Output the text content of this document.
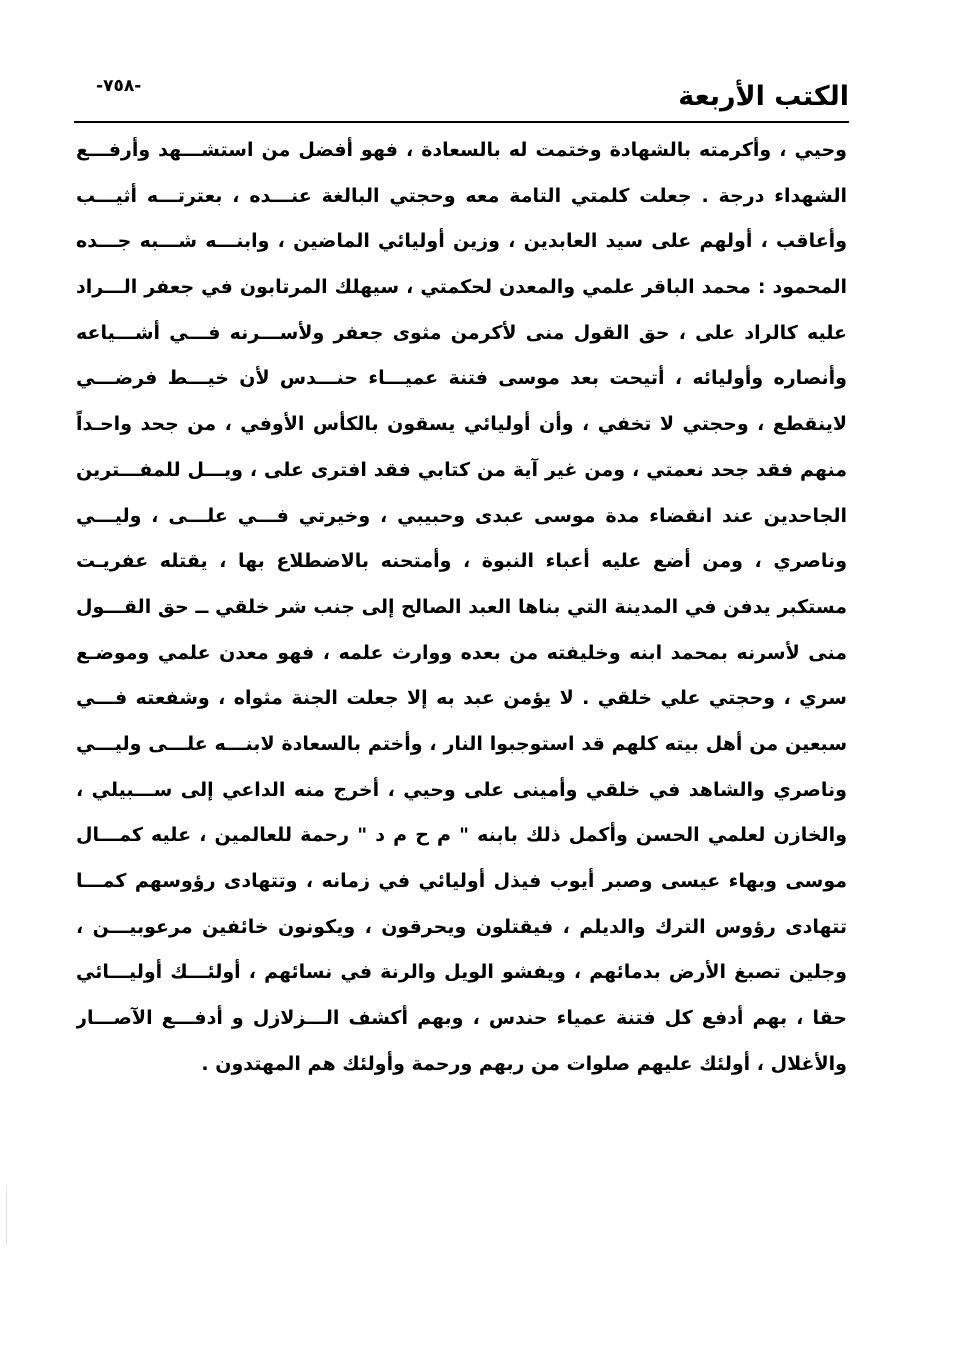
الكتب الأربعة
-٧٥٨-
وحيي ، وأكرمته بالشهادة وختمت له بالسعادة ، فهو أفضل من استشـــهد وأرفـــع
الشهداء درجة . جعلت كلمتي التامة معه وحجتي البالغة عنـــده ، بعترتـــه أثيـــب
وأعاقب ، أولهم على سيد العابدين ، وزين أوليائي الماضين ، وابنـــه شـــبه جـــده
المحمود : محمد الباقر علمي والمعدن لحكمتي ، سيهلك المرتابون في جعفر الـــراد
عليه كالراد على ، حق القول منى لأكرمن مثوى جعفر ولأســـرنه فـــي أشـــياعه
وأنصاره وأوليائه ، أتيحت بعد موسى فتنة عميـــاء حنـــدس لأن خيـــط فرضـــي
لاينقطع ، وحجتي لا تخفي ، وأن أوليائي يسقون بالكأس الأوفي ، من جحد واحـداً
منهم فقد جحد نعمتي ، ومن غير آية من كتابي فقد افترى على ، ويـــل للمفـــترين
الجاحدين عند انقضاء مدة موسى عبدى وحبيبي ، وخيرتي فـــي علـــى ، وليـــي
وناصري ، ومن أضع عليه أعباء النبوة ، وأمتحنه بالاضطلاع بها ، يقتله عفريـت
مستكبر يدفن في المدينة التي بناها العبد الصالح إلى جنب شر خلقي ــ حق القـــول
منى لأسرنه بمحمد ابنه وخليفته من بعده ووارث علمه ، فهو معدن علمي وموضـع
سري ، وحجتي علي خلقي . لا يؤمن عبد به إلا جعلت الجنة مثواه ، وشفعته فـــي
سبعين من أهل بيته كلهم قد استوجبوا النار ، وأختم بالسعادة لابنـــه علـــى وليـــي
وناصري والشاهد في خلقي وأمينى على وحيي ، أخرج منه الداعي إلى ســـبيلي ،
والخازن لعلمي الحسن وأكمل ذلك بابنه " م ح م د " رحمة للعالمين ، عليه كمـــال
موسى وبهاء عيسى وصبر أيوب فيذل أوليائي في زمانه ، وتتهادى رؤوسهم كمـــا
تتهادى رؤوس الترك والديلم ، فيقتلون ويحرقون ، ويكونون خائفين مرعوبيـــن ،
وجلين تصبغ الأرض بدمائهم ، ويفشو الويل والرنة في نسائهم ، أولئـــك أوليـــائي
حقا ، بهم أدفع كل فتنة عمياء حندس ، وبهم أكشف الـــزلازل و أدفـــع الآصـــار
والأغلال ، أولئك عليهم صلوات من ربهم ورحمة وأولئك هم المهتدون .
